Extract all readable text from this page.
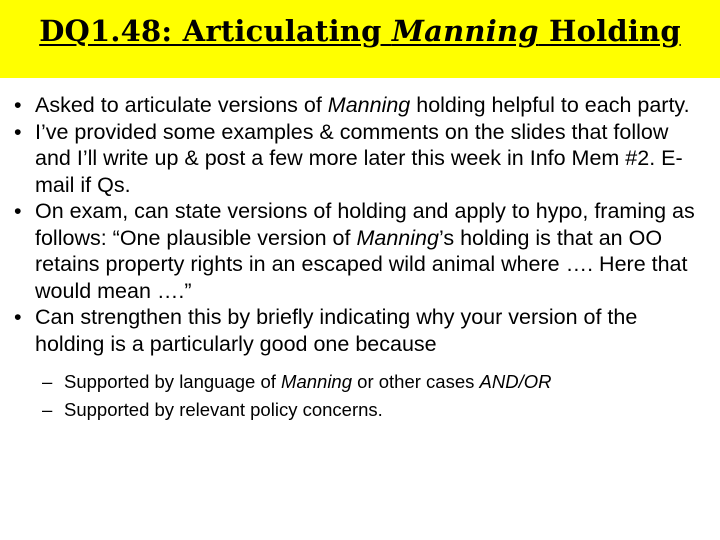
DQ1.48: Articulating Manning Holding
• Asked to articulate versions of Manning holding helpful to each party.
• I’ve provided some examples & comments on the slides that follow and I’ll write up & post a few more later this week in Info Mem #2. E-mail if Qs.
• On exam, can state versions of holding and apply to hypo, framing as follows: “One plausible version of Manning’s holding is that an OO retains property rights in an escaped wild animal where …. Here that would mean ….”
• Can strengthen this by briefly indicating why your version of the holding is a particularly good one because
– Supported by language of Manning or other cases AND/OR
– Supported by relevant policy concerns.
